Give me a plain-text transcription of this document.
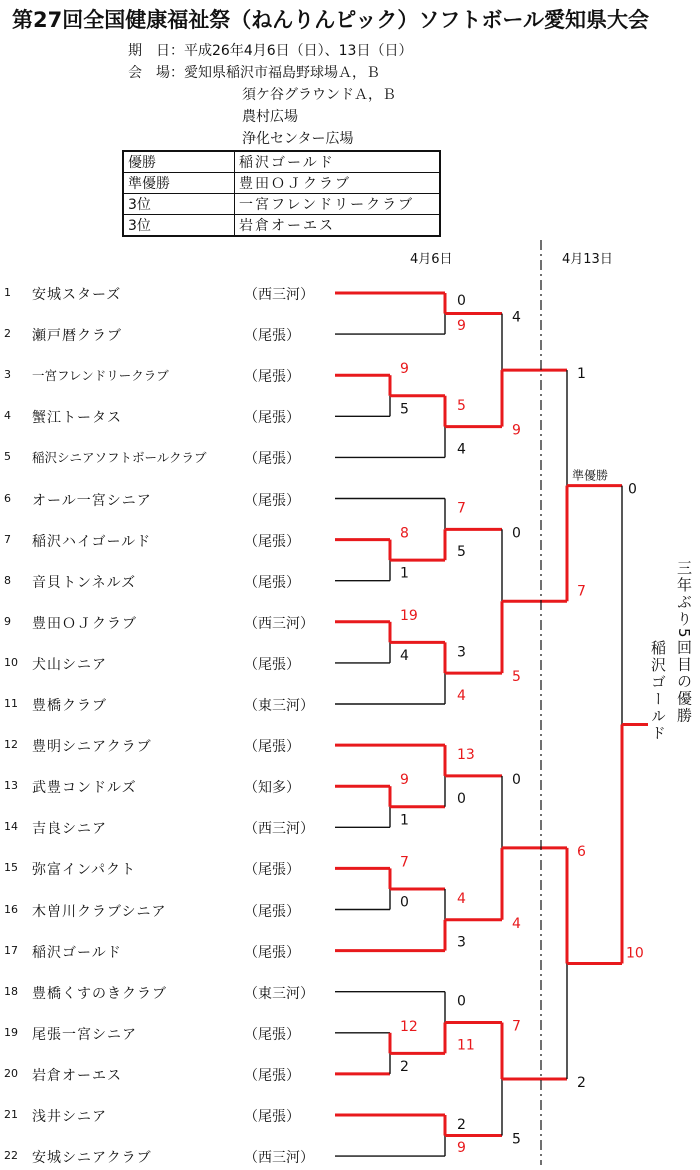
第27回全国健康福祉祭（ねんりんピック）ソフトボール愛知県大会
期　日：平成26年4月6日（日）、13日（日）
会　場：愛知県稲沢市福島野球場Ａ，Ｂ
須ケ谷グラウンドＡ，Ｂ
農村広場
浄化センター広場
優勝	稲沢ゴールド
準優勝	豊田ＯＪクラブ
3位	一宮フレンドリークラブ
3位	岩倉オーエス
4月6日	4月13日
1	安城スターズ	（西三河）
2	瀬戸暦クラブ	（尾張）
3	一宮フレンドリークラブ	（尾張）
4	蟹江トータス	（尾張）
5	稲沢シニアソフトボールクラブ	（尾張）
6	オール一宮シニア	（尾張）
7	稲沢ハイゴールド	（尾張）
8	音貝トンネルズ	（尾張）
9	豊田ＯＪクラブ	（西三河）
10	犬山シニア	（尾張）
11	豊橋クラブ	（東三河）
12	豊明シニアクラブ	（尾張）
13	武豊コンドルズ	（知多）
14	吉良シニア	（西三河）
15	弥富インパクト	（尾張）
16	木曽川クラブシニア	（尾張）
17	稲沢ゴールド	（尾張）
18	豊橋くすのきクラブ	（東三河）
19	尾張一宮シニア	（尾張）
20	岩倉オーエス	（尾張）
21	浅井シニア	（尾張）
22	安城シニアクラブ	（西三河）
9
5
8
1
19
4
9
1
7
0
12
2
0
9
5
4
7
5
3
4
13
0
4
3
0
11
2
9
4
9
0
5
0
4
7
5
1
7
6
2
0
10
準優勝
稲沢ゴールド 三年ぶり5回目の優勝
